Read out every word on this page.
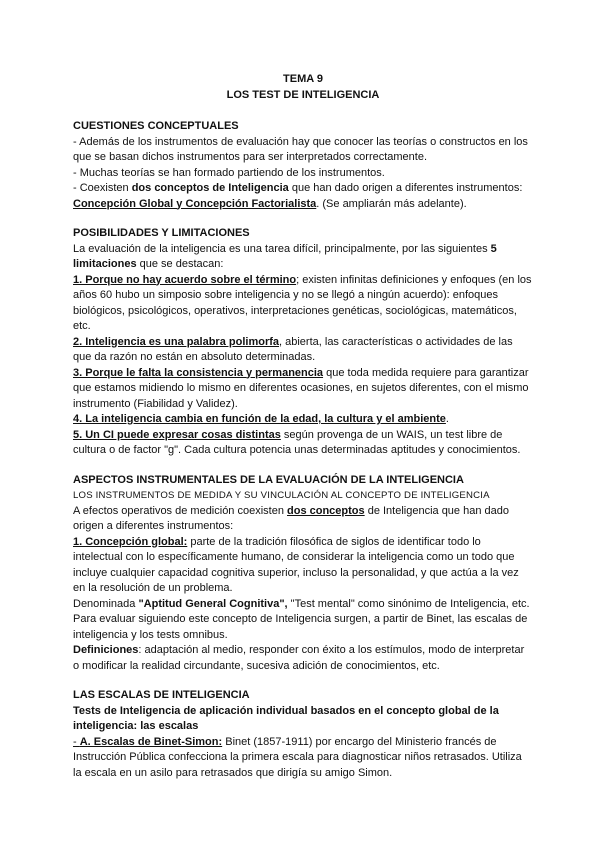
TEMA 9
LOS TEST DE INTELIGENCIA

CUESTIONES CONCEPTUALES

- Además de los instrumentos de evaluación hay que conocer las teorías o constructos en los que se basan dichos instrumentos para ser interpretados correctamente.

- Muchas teorías se han formado partiendo de los instrumentos.

- Coexisten dos conceptos de Inteligencia que han dado origen a diferentes instrumentos:

Concepción Global y Concepción Factorialista. (Se ampliarán más adelante).

POSIBILIDADES Y LIMITACIONES

La evaluación de la inteligencia es una tarea difícil, principalmente, por las siguientes 5 limitaciones que se destacan:

1. Porque no hay acuerdo sobre el término; existen infinitas definiciones y enfoques (en los años 60 hubo un simposio sobre inteligencia y no se llegó a ningún acuerdo): enfoques biológicos, psicológicos, operativos, interpretaciones genéticas, sociológicas, matemáticos, etc.

2. Inteligencia es una palabra polimorfa, abierta, las características o actividades de las que da razón no están en absoluto determinadas.

3. Porque le falta la consistencia y permanencia que toda medida requiere para garantizar que estamos midiendo lo mismo en diferentes ocasiones, en sujetos diferentes, con el mismo instrumento (Fiabilidad y Validez).

4. La inteligencia cambia en función de la edad, la cultura y el ambiente.

5. Un CI puede expresar cosas distintas según provenga de un WAIS, un test libre de cultura o de factor "g". Cada cultura potencia unas determinadas aptitudes y conocimientos.

ASPECTOS INSTRUMENTALES DE LA EVALUACIÓN DE LA INTELIGENCIA

LOS INSTRUMENTOS DE MEDIDA Y SU VINCULACIÓN AL CONCEPTO DE INTELIGENCIA

A efectos operativos de medición coexisten dos conceptos de Inteligencia que han dado origen a diferentes instrumentos:

1. Concepción global: parte de la tradición filosófica de siglos de identificar todo lo intelectual con lo específicamente humano, de considerar la inteligencia como un todo que incluye cualquier capacidad cognitiva superior, incluso la personalidad, y que actúa a la vez en la resolución de un problema.

Denominada "Aptitud General Cognitiva", "Test mental" como sinónimo de Inteligencia, etc. Para evaluar siguiendo este concepto de Inteligencia surgen, a partir de Binet, las escalas de inteligencia y los tests omnibus.

Definiciones: adaptación al medio, responder con éxito a los estímulos, modo de interpretar o modificar la realidad circundante, sucesiva adición de conocimientos, etc.

LAS ESCALAS DE INTELIGENCIA

Tests de Inteligencia de aplicación individual basados en el concepto global de la inteligencia: las escalas

- A. Escalas de Binet-Simon: Binet (1857-1911) por encargo del Ministerio francés de Instrucción Pública confecciona la primera escala para diagnosticar niños retrasados. Utiliza la escala en un asilo para retrasados que dirigía su amigo Simon.
